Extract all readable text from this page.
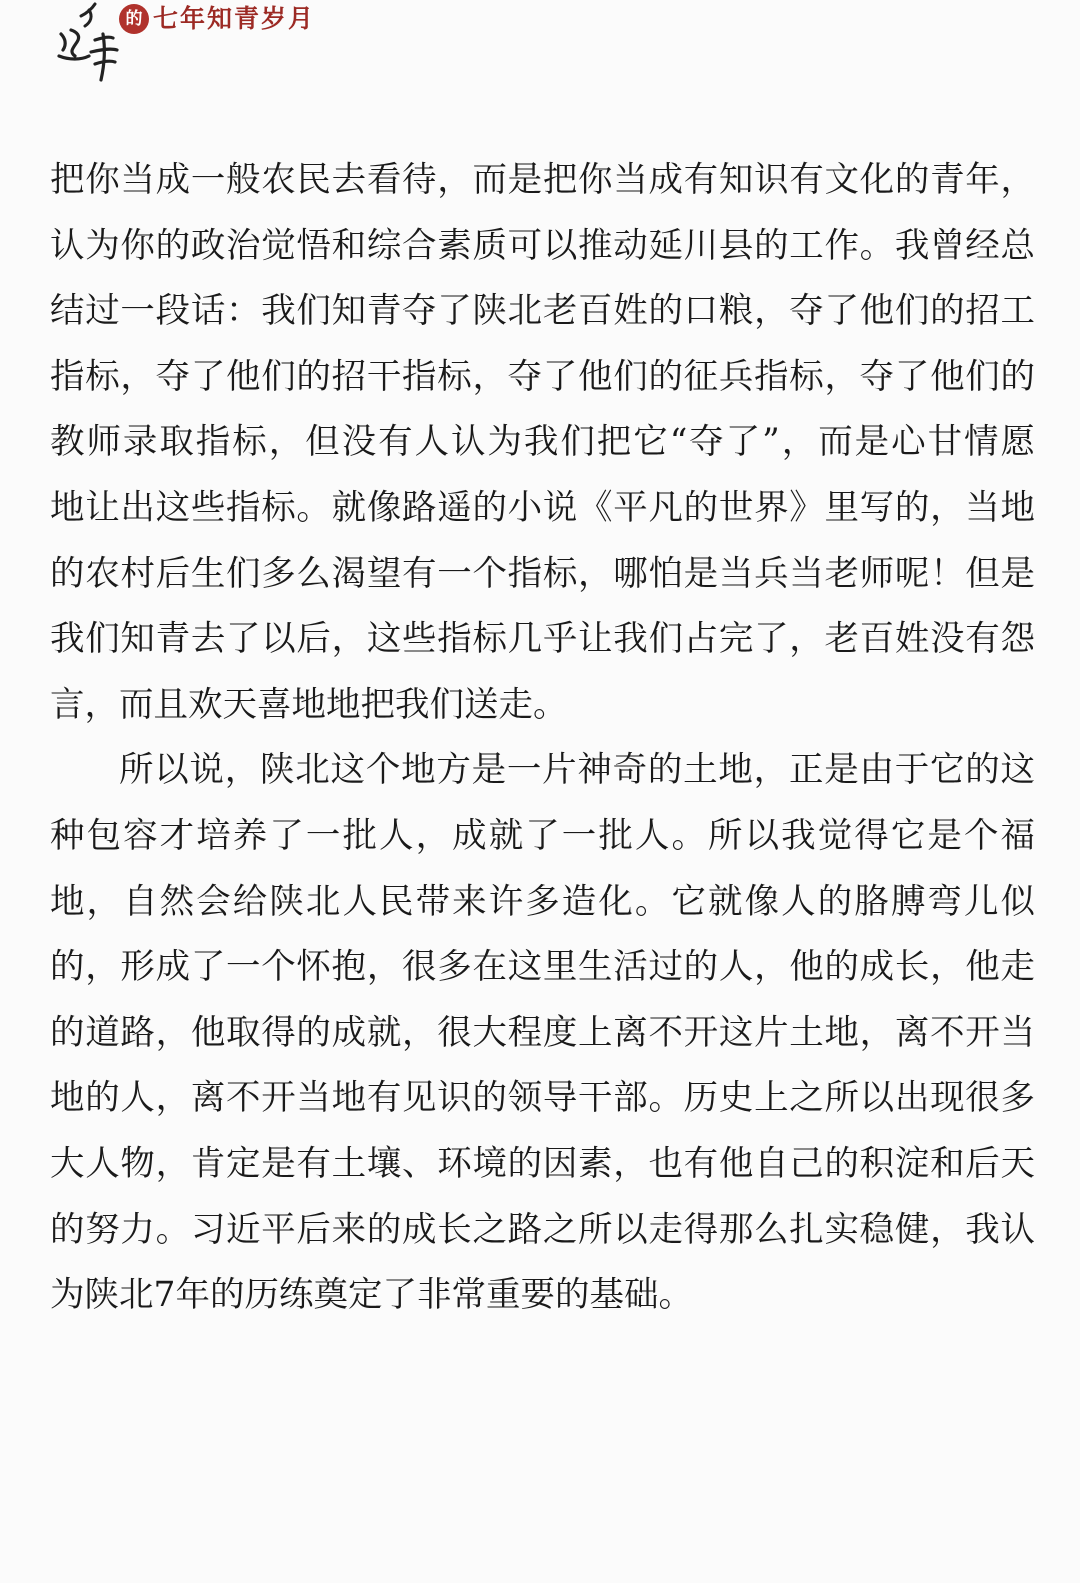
的 七年知青岁月
把你当成一般农民去看待，而是把你当成有知识有文化的青年，
认为你的政治觉悟和综合素质可以推动延川县的工作。我曾经总
结过一段话：我们知青夺了陕北老百姓的口粮，夺了他们的招工
指标，夺了他们的招干指标，夺了他们的征兵指标，夺了他们的
教师录取指标，但没有人认为我们把它“夺了”，而是心甘情愿
地让出这些指标。就像路遥的小说《平凡的世界》里写的，当地
的农村后生们多么渴望有一个指标，哪怕是当兵当老师呢！但是
我们知青去了以后，这些指标几乎让我们占完了，老百姓没有怨
言，而且欢天喜地地把我们送走。
所以说，陕北这个地方是一片神奇的土地，正是由于它的这
种包容才培养了一批人，成就了一批人。所以我觉得它是个福
地，自然会给陕北人民带来许多造化。它就像人的胳膊弯儿似
的，形成了一个怀抱，很多在这里生活过的人，他的成长，他走
的道路，他取得的成就，很大程度上离不开这片土地，离不开当
地的人，离不开当地有见识的领导干部。历史上之所以出现很多
大人物，肯定是有土壤、环境的因素，也有他自己的积淀和后天
的努力。习近平后来的成长之路之所以走得那么扎实稳健，我认
为陕北7年的历练奠定了非常重要的基础。
